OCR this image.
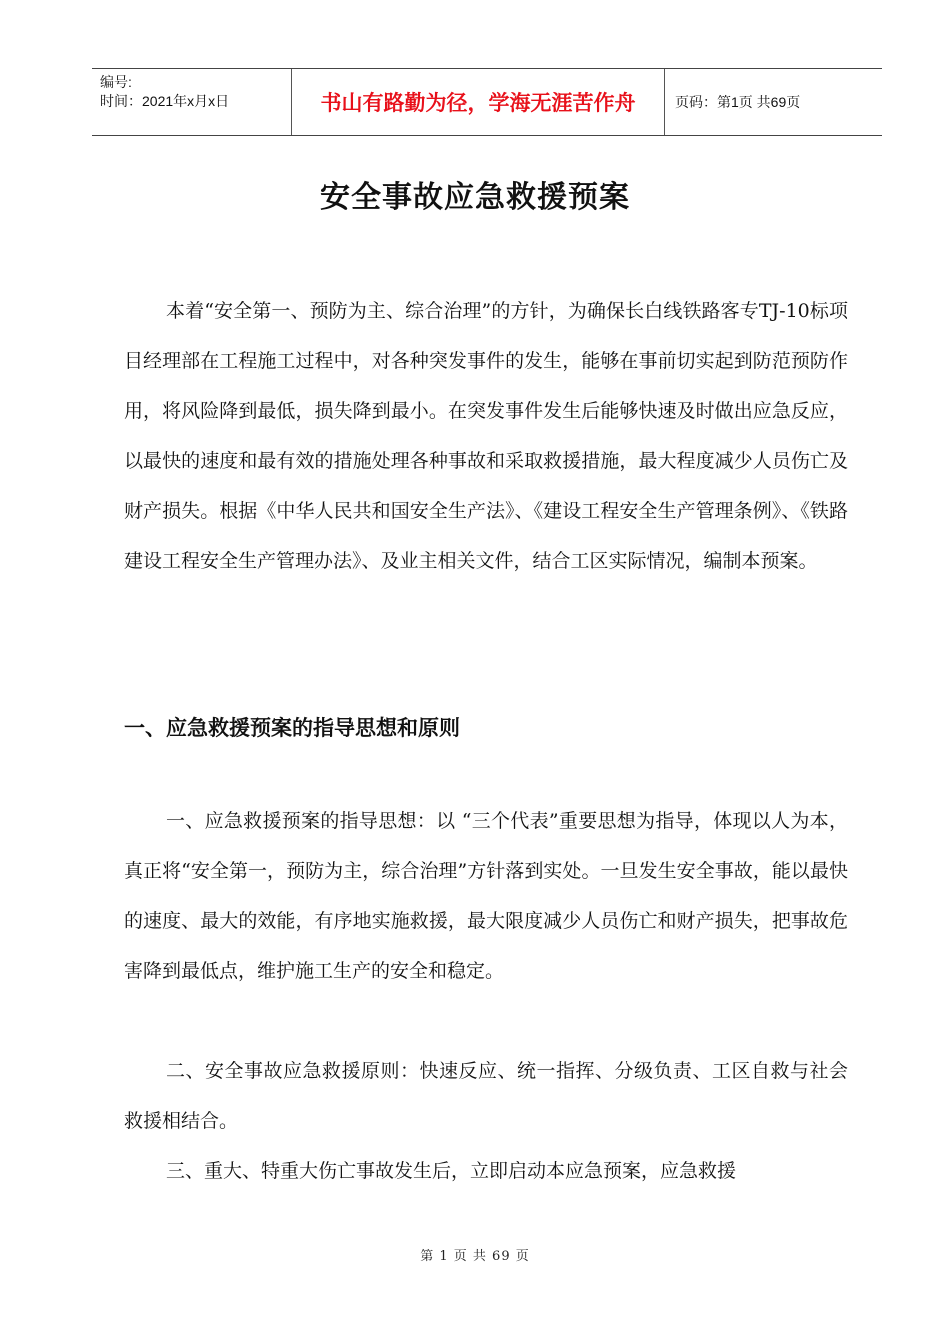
编号:
时间：2021年x月x日	书山有路勤为径，学海无涯苦作舟	页码：第1页 共69页
安全事故应急救援预案

本着“安全第一、预防为主、综合治理”的方针，为确保长白线铁路客专TJ-10标项目经理部在工程施工过程中，对各种突发事件的发生，能够在事前切实起到防范预防作用，将风险降到最低，损失降到最小。在突发事件发生后能够快速及时做出应急反应，以最快的速度和最有效的措施处理各种事故和采取救援措施，最大程度减少人员伤亡及财产损失。根据《中华人民共和国安全生产法》、《建设工程安全生产管理条例》、《铁路建设工程安全生产管理办法》、及业主相关文件，结合工区实际情况，编制本预案。

一、应急救援预案的指导思想和原则

一、应急救援预案的指导思想：以 “三个代表”重要思想为指导，体现以人为本，真正将“安全第一，预防为主，综合治理”方针落到实处。一旦发生安全事故，能以最快的速度、最大的效能，有序地实施救援，最大限度减少人员伤亡和财产损失，把事故危害降到最低点，维护施工生产的安全和稳定。

二、安全事故应急救援原则：快速反应、统一指挥、分级负责、工区自救与社会救援相结合。

三、重大、特重大伤亡事故发生后，立即启动本应急预案，应急救援

第 1 页 共 69 页
